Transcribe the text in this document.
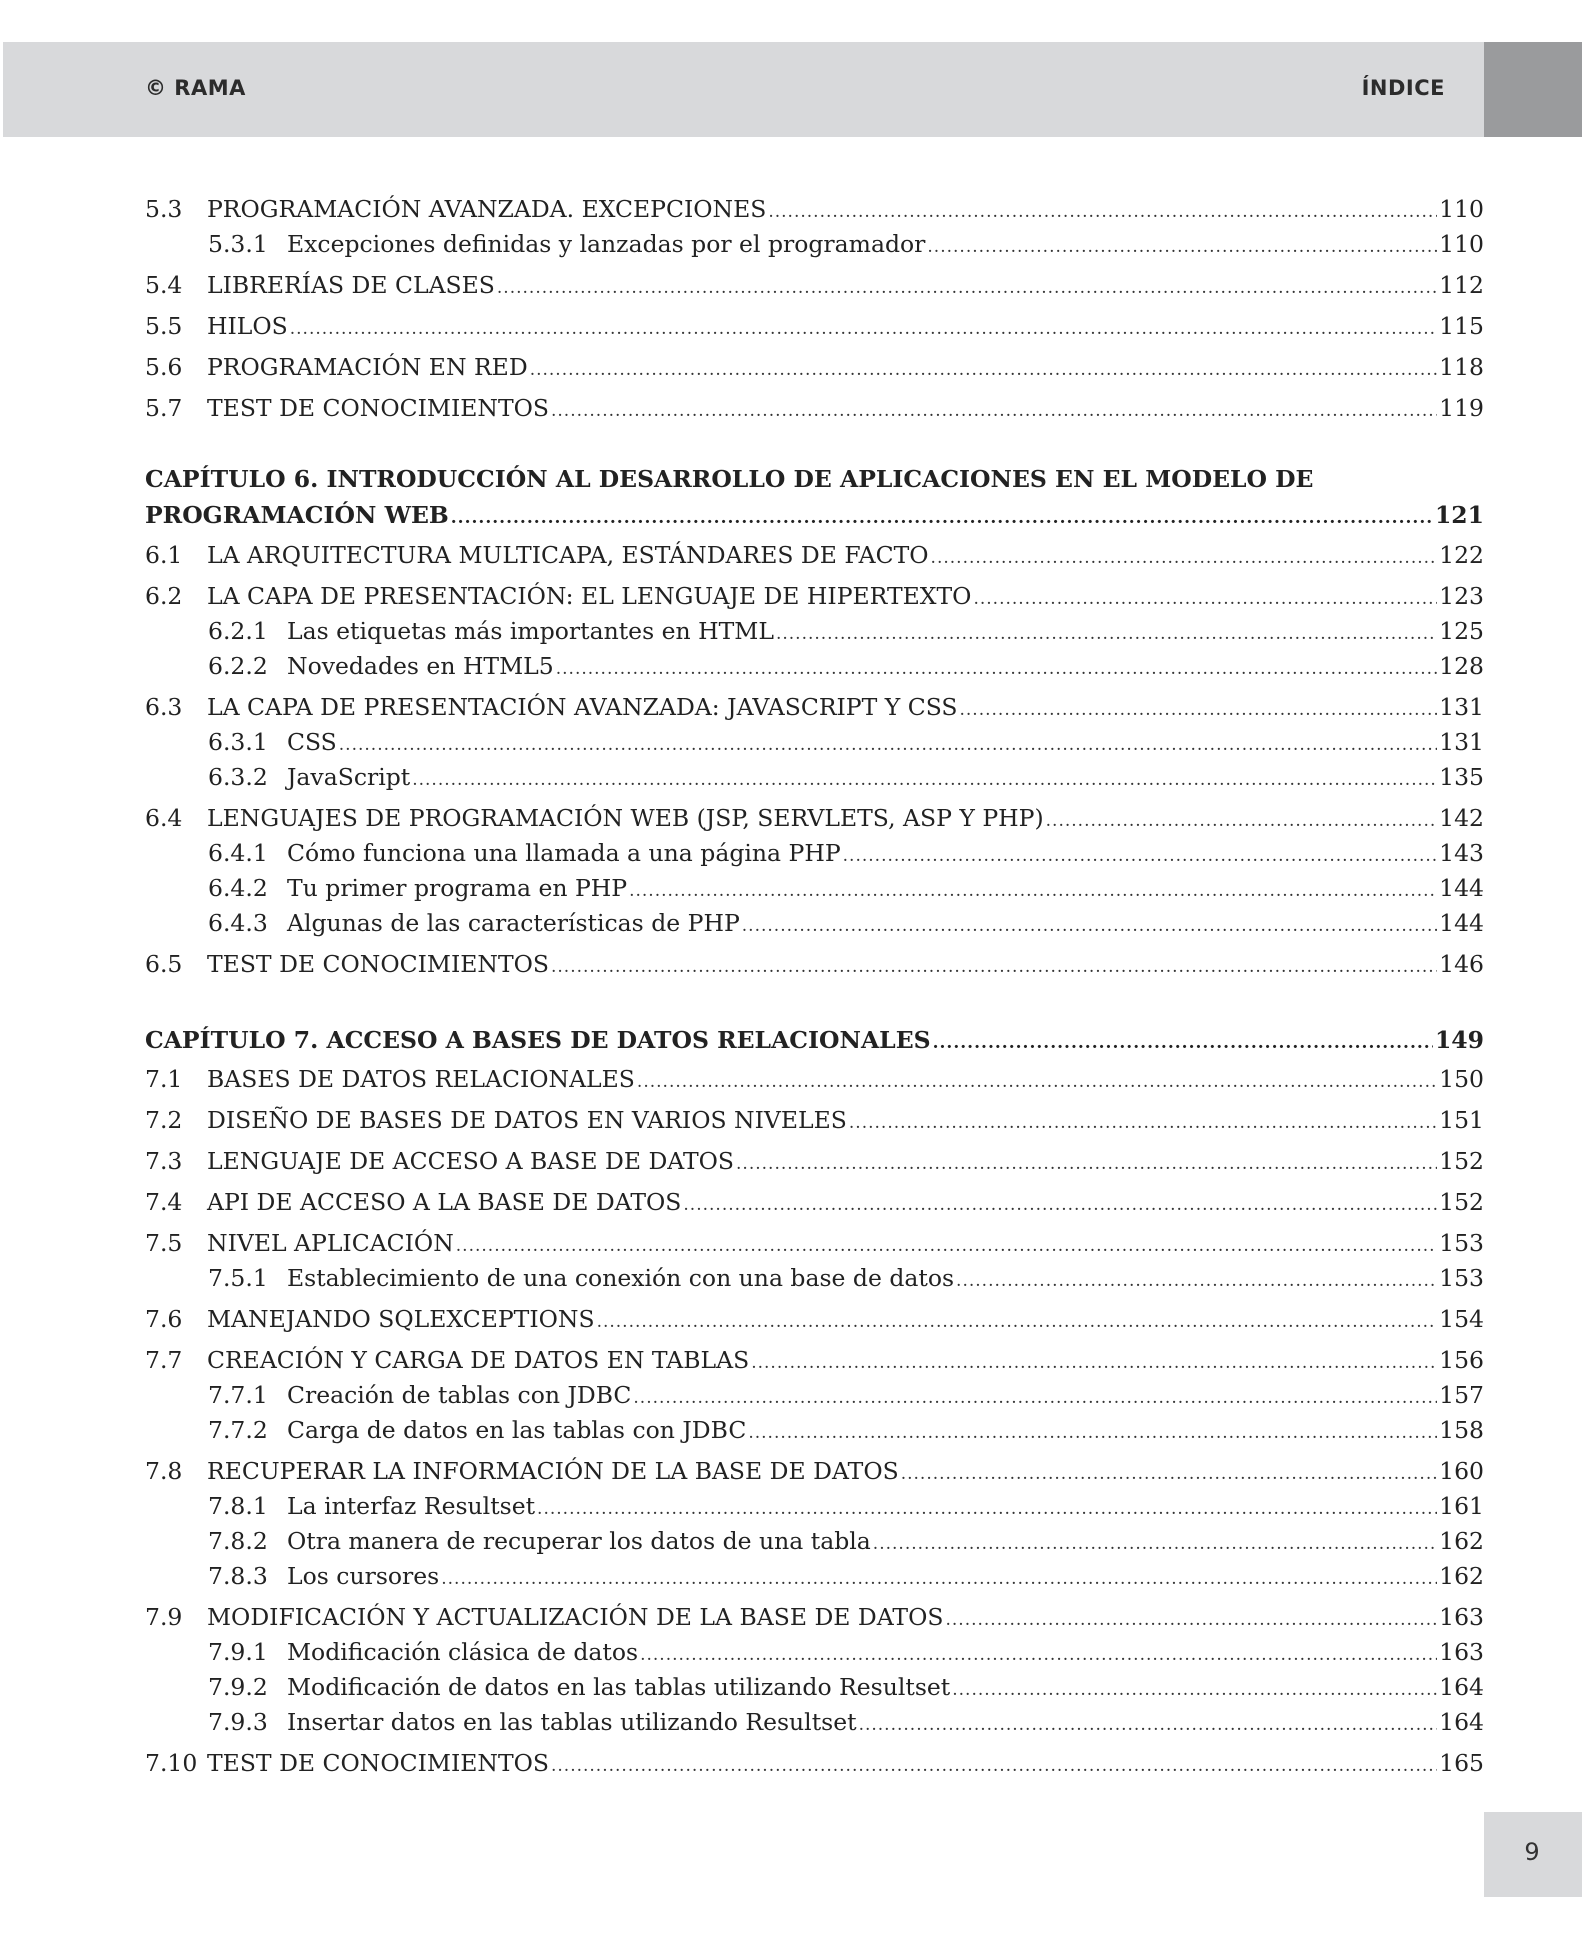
© RAMA	ÍNDICE
5.3	PROGRAMACIÓN AVANZADA. EXCEPCIONES .....	110
5.3.1 Excepciones definidas y lanzadas por el programador .....	110
5.4	LIBRERÍAS DE CLASES .....	112
5.5	HILOS .....	115
5.6	PROGRAMACIÓN EN RED .....	118
5.7	TEST DE CONOCIMIENTOS .....	119
CAPÍTULO 6. INTRODUCCIÓN AL DESARROLLO DE APLICACIONES EN EL MODELO DE
PROGRAMACIÓN WEB .....	121
6.1	LA ARQUITECTURA MULTICAPA, ESTÁNDARES DE FACTO .....	122
6.2	LA CAPA DE PRESENTACIÓN: EL LENGUAJE DE HIPERTEXTO .....	123
6.2.1 Las etiquetas más importantes en HTML .....	125
6.2.2 Novedades en HTML5 .....	128
6.3	LA CAPA DE PRESENTACIÓN AVANZADA: JAVASCRIPT Y CSS .....	131
6.3.1 CSS .....	131
6.3.2 JavaScript .....	135
6.4	LENGUAJES DE PROGRAMACIÓN WEB (JSP, SERVLETS, ASP Y PHP) .....	142
6.4.1 Cómo funciona una llamada a una página PHP .....	143
6.4.2 Tu primer programa en PHP .....	144
6.4.3 Algunas de las características de PHP .....	144
6.5	TEST DE CONOCIMIENTOS .....	146
CAPÍTULO 7. ACCESO A BASES DE DATOS RELACIONALES .....	149
7.1	BASES DE DATOS RELACIONALES .....	150
7.2	DISEÑO DE BASES DE DATOS EN VARIOS NIVELES .....	151
7.3	LENGUAJE DE ACCESO A BASE DE DATOS .....	152
7.4	API DE ACCESO A LA BASE DE DATOS .....	152
7.5	NIVEL APLICACIÓN .....	153
7.5.1 Establecimiento de una conexión con una base de datos .....	153
7.6	MANEJANDO SQLEXCEPTIONS .....	154
7.7	CREACIÓN Y CARGA DE DATOS EN TABLAS .....	156
7.7.1 Creación de tablas con JDBC .....	157
7.7.2 Carga de datos en las tablas con JDBC .....	158
7.8	RECUPERAR LA INFORMACIÓN DE LA BASE DE DATOS .....	160
7.8.1 La interfaz Resultset .....	161
7.8.2 Otra manera de recuperar los datos de una tabla .....	162
7.8.3 Los cursores .....	162
7.9	MODIFICACIÓN Y ACTUALIZACIÓN DE LA BASE DE DATOS .....	163
7.9.1 Modificación clásica de datos .....	163
7.9.2 Modificación de datos en las tablas utilizando Resultset .....	164
7.9.3 Insertar datos en las tablas utilizando Resultset .....	164
7.10 TEST DE CONOCIMIENTOS .....	165
9
